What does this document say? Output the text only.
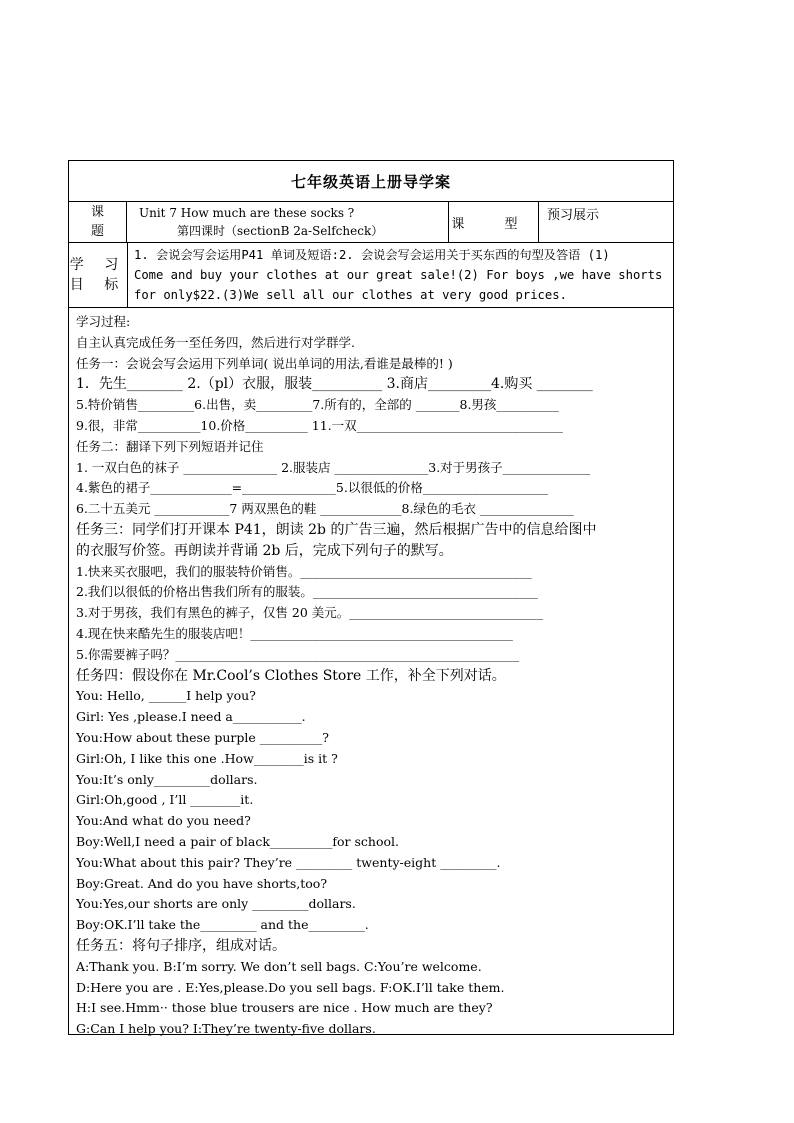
七年级英语上册导学案
课
题
Unit 7 How much are these socks ?
第四课时（sectionB 2a-Selfcheck）	课 型
预习展示
学 习
目 标
1. 会说会写会运用P41 单词及短语:2. 会说会写会运用关于买东西的句型及答语 (1)
Come and buy your clothes at our great sale!(2) For boys ,we have shorts
for only$22.(3)We sell all our clothes at very good prices.
学习过程:
自主认真完成任务一至任务四，然后进行对学群学.
任务一：会说会写会运用下列单词( 说出单词的用法,看谁是最棒的! )
1．先生________ 2.（pl）衣服，服装__________ 3.商店_________4.购买 ________
5.特价销售_________6.出售，卖_________7.所有的，全部的 _______8.男孩__________
9.很，非常__________10.价格__________ 11.一双_________________________________
任务二：翻译下列下列短语并记住
1. 一双白色的袜子 _______________ 2.服装店 _______________3.对于男孩子______________
4.紫色的裙子_____________=_______________5.以很低的价格____________________
6.二十五美元 ____________7 两双黑色的鞋 _____________8.绿色的毛衣 _______________
任务三：同学们打开课本 P41，朗读 2b 的广告三遍，然后根据广告中的信息给图中
的衣服写价签。再朗读并背诵 2b 后，完成下列句子的默写。
1.快来买衣服吧，我们的服装特价销售。_____________________________________
2.我们以很低的价格出售我们所有的服装。____________________________________
3.对于男孩，我们有黑色的裤子，仅售 20 美元。_______________________________
4.现在快来酷先生的服装店吧！__________________________________________
5.你需要裤子吗？_______________________________________________________
任务四：假设你在 Mr.Cool’s Clothes Store 工作，补全下列对话。
You: Hello, ______I help you?
Girl: Yes ,please.I need a___________.
You:How about these purple __________?
Girl:Oh, I like this one .How________is it ?
You:It’s only_________dollars.
Girl:Oh,good , I’ll ________it.
You:And what do you need?
Boy:Well,I need a pair of black__________for school.
You:What about this pair? They’re _________ twenty-eight _________.
Boy:Great. And do you have shorts,too?
You:Yes,our shorts are only _________dollars.
Boy:OK.I’ll take the_________ and the_________.
任务五：将句子排序，组成对话。
A:Thank you. B:I’m sorry. We don’t sell bags. C:You’re welcome.
D:Here you are . E:Yes,please.Do you sell bags. F:OK.I’ll take them.
H:I see.Hmm·· those blue trousers are nice . How much are they?
G:Can I help you? I:They’re twenty-five dollars.
